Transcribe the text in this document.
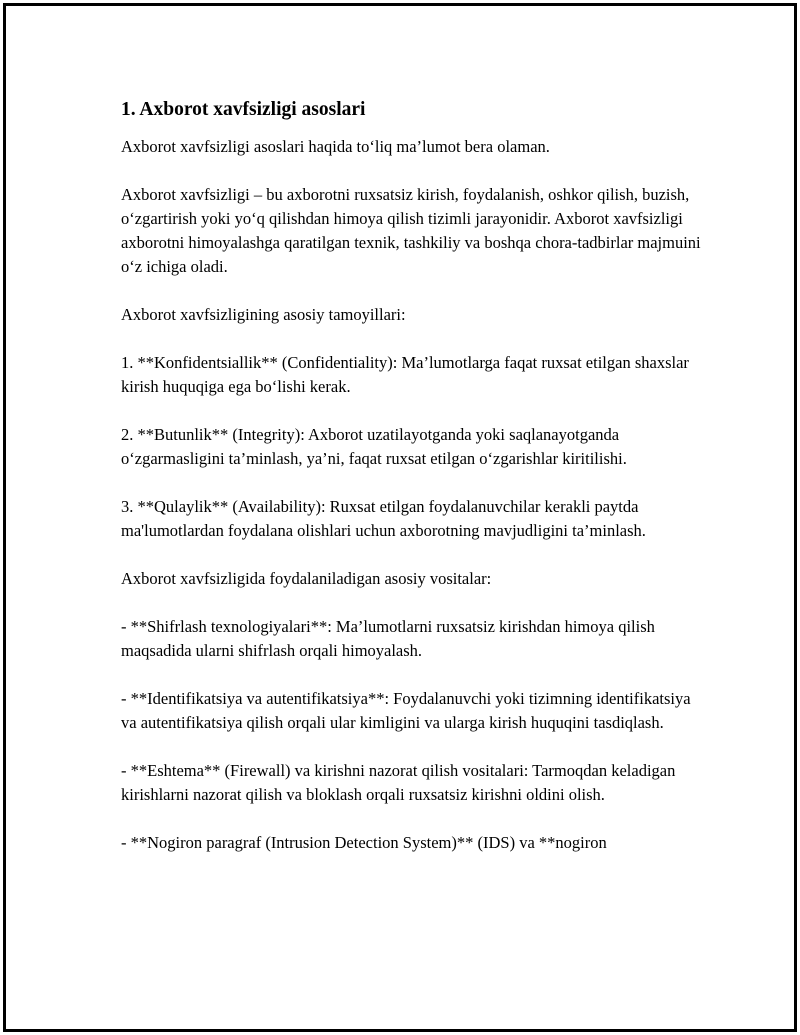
1. Axborot xavfsizligi asoslari

Axborot xavfsizligi asoslari haqida to‘liq ma’lumot bera olaman.

Axborot xavfsizligi – bu axborotni ruxsatsiz kirish, foydalanish, oshkor qilish, buzish, o‘zgartirish yoki yo‘q qilishdan himoya qilish tizimli jarayonidir. Axborot xavfsizligi axborotni himoyalashga qaratilgan texnik, tashkiliy va boshqa chora-tadbirlar majmuini o‘z ichiga oladi.

Axborot xavfsizligining asosiy tamoyillari:

1. **Konfidentsiallik** (Confidentiality): Ma’lumotlarga faqat ruxsat etilgan shaxslar kirish huquqiga ega bo‘lishi kerak.

2. **Butunlik** (Integrity): Axborot uzatilayotganda yoki saqlanayotganda o‘zgarmasligini ta’minlash, ya’ni, faqat ruxsat etilgan o‘zgarishlar kiritilishi.

3. **Qulaylik** (Availability): Ruxsat etilgan foydalanuvchilar kerakli paytda ma'lumotlardan foydalana olishlari uchun axborotning mavjudligini ta’minlash.

Axborot xavfsizligida foydalaniladigan asosiy vositalar:

- **Shifrlash texnologiyalari**: Ma’lumotlarni ruxsatsiz kirishdan himoya qilish maqsadida ularni shifrlash orqali himoyalash.

- **Identifikatsiya va autentifikatsiya**: Foydalanuvchi yoki tizimning identifikatsiya va autentifikatsiya qilish orqali ular kimligini va ularga kirish huquqini tasdiqlash.

- **Eshtema** (Firewall) va kirishni nazorat qilish vositalari: Tarmoqdan keladigan kirishlarni nazorat qilish va bloklash orqali ruxsatsiz kirishni oldini olish.

- **Nogiron paragraf (Intrusion Detection System)** (IDS) va **nogiron
